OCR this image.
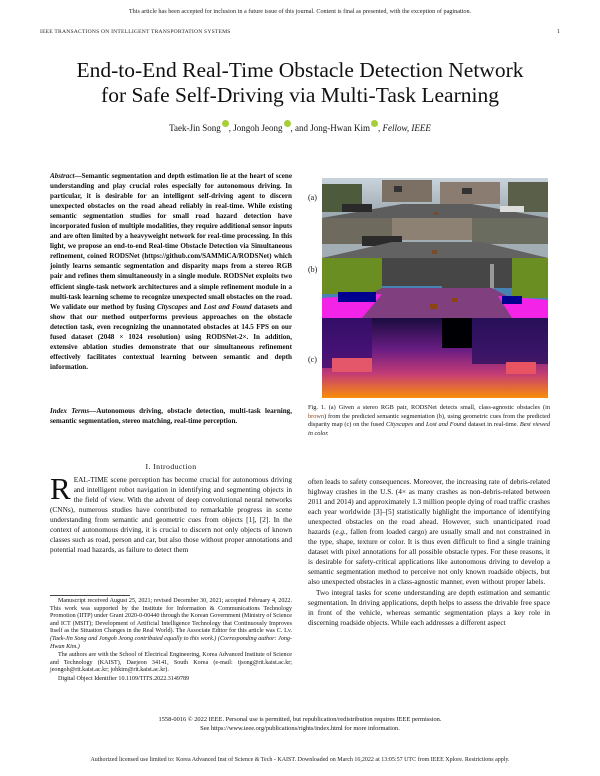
This article has been accepted for inclusion in a future issue of this journal. Content is final as presented, with the exception of pagination.
IEEE TRANSACTIONS ON INTELLIGENT TRANSPORTATION SYSTEMS	1
End-to-End Real-Time Obstacle Detection Network
for Safe Self-Driving via Multi-Task Learning
Taek-Jin Song , Jongoh Jeong , and Jong-Hwan Kim , Fellow, IEEE
Abstract—Semantic segmentation and depth estimation lie at the heart of scene understanding and play crucial roles especially for autonomous driving. In particular, it is desirable for an intelligent self-driving agent to discern unexpected obstacles on the road ahead reliably in real-time. While existing semantic segmentation studies for small road hazard detection have incorporated fusion of multiple modalities, they require additional sensor inputs and are often limited by a heavyweight network for real-time processing. In this light, we propose an end-to-end Real-time Obstacle Detection via Simultaneous refinement, coined RODSNet (https://github.com/SAMMiCA/RODSNet) which jointly learns semantic segmentation and disparity maps from a stereo RGB pair and refines them simultaneously in a single module. RODSNet exploits two efficient single-task network architectures and a simple refinement module in a multi-task learning scheme to recognize unexpected small obstacles on the road. We validate our method by fusing Cityscapes and Lost and Found datasets and show that our method outperforms previous approaches on the obstacle detection task, even recognizing the unannotated obstacles at 14.5 FPS on our fused dataset (2048 × 1024 resolution) using RODSNet-2×. In addition, extensive ablation studies demonstrate that our simultaneous refinement effectively facilitates contextual learning between semantic and depth information.
Index Terms—Autonomous driving, obstacle detection, multi-task learning, semantic segmentation, stereo matching, real-time perception.
I. Introduction
REAL-TIME scene perception has become crucial for autonomous driving and intelligent robot navigation in identifying and segmenting objects in the field of view. With the advent of deep convolutional neural networks (CNNs), numerous studies have contributed to remarkable progress in scene understanding from semantic and geometric cues from objects [1], [2]. In the context of autonomous driving, it is crucial to discern not only objects of known classes such as road, person and car, but also those without proper annotations and potential road hazards, as failure to detect them

Manuscript received August 25, 2021; revised December 30, 2021; accepted February 4, 2022. This work was supported by the Institute for Information & Communications Technology Promotion (IITP) under Grant 2020-0-00440 through the Korean Government (Ministry of Science and ICT (MSIT); Development of Artificial Intelligence Technology that Continuously Improves Itself as the Situation Changes in the Real World). The Associate Editor for this article was C. Lv. (Taek-Jin Song and Jongoh Jeong contributed equally to this work.) (Corresponding author: Jong-Hwan Kim.)

The authors are with the School of Electrical Engineering, Korea Advanced Institute of Science and Technology (KAIST), Daejeon 34141, South Korea (e-mail: tjsong@rit.kaist.ac.kr; jeongoh@rit.kaist.ac.kr; johkim@rit.kaist.ac.kr).

Digital Object Identifier 10.1109/TITS.2022.3149789

(a)
(b)
(c)
Fig. 1. (a) Given a stereo RGB pair, RODSNet detects small, class-agnostic obstacles (in brown) from the predicted semantic segmentation (b), using geometric cues from the predicted disparity map (c) on the fused Cityscapes and Lost and Found dataset in real-time. Best viewed in color.

often leads to safety consequences. Moreover, the increasing rate of debris-related highway crashes in the U.S. (4× as many crashes as non-debris-related between 2011 and 2014) and approximately 1.3 million people dying of road traffic crashes each year worldwide [3]–[5] statistically highlight the importance of identifying unexpected obstacles on the road ahead. However, such unanticipated road hazards (e.g., fallen from loaded cargo) are usually small and not constrained in the type, shape, texture or color. It is thus even difficult to find a single training dataset with pixel annotations for all possible obstacle types. For these reasons, it is desirable for safety-critical applications like autonomous driving to develop a semantic segmentation method to perceive not only known roadside objects, but also unexpected obstacles in a class-agnostic manner, even without proper labels.

Two integral tasks for scene understanding are depth estimation and semantic segmentation. In driving applications, depth helps to assess the drivable free space in front of the vehicle, whereas semantic segmentation plays a key role in discerning roadside objects. While each addresses a different aspect

1558-0016 © 2022 IEEE. Personal use is permitted, but republication/redistribution requires IEEE permission.
See https://www.ieee.org/publications/rights/index.html for more information.
Authorized licensed use limited to: Korea Advanced Inst of Science & Tech - KAIST. Downloaded on March 16,2022 at 13:05:57 UTC from IEEE Xplore. Restrictions apply.
